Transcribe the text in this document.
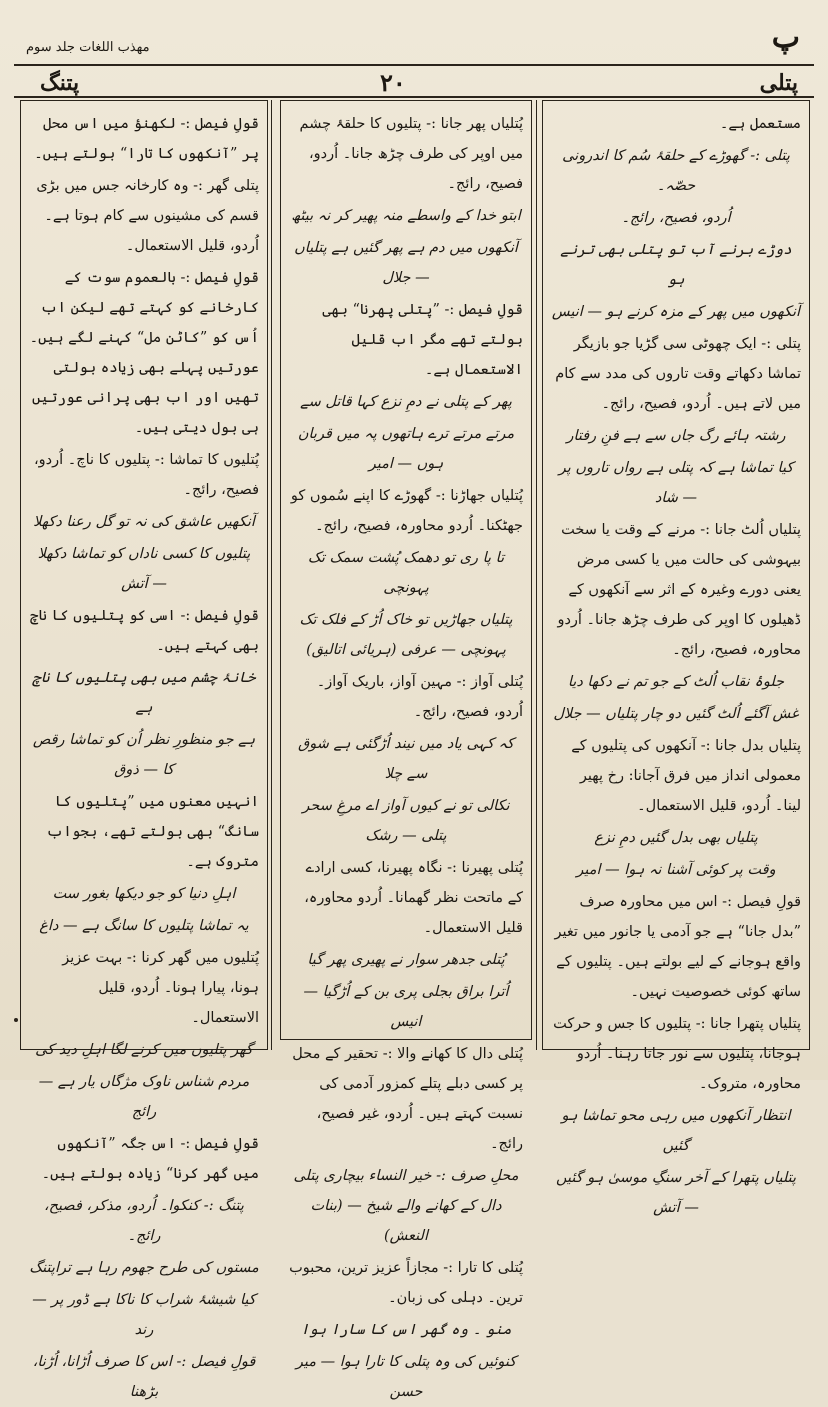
مهذب اللغات جلد سوم	پ
پتنگ	۲۰	پتلی

مستعمل ہے۔

پتلی :- گھوڑے کے حلقۂ سُم کا اندرونی حصّہ۔

اُردو، فصیح، رائج۔

دوڑے برنے آب تو پتلی بھی ترنے ہو

آنکھوں میں پھر کے مزہ کرنے ہو — انیس

پتلی :- ایک چھوٹی سی گڑیا جو بازیگر تماشا دکھاتے وقت تاروں کی مدد سے کام میں لاتے ہیں۔ اُردو، فصیح، رائج۔

رشتہ ہائے رگ جاں سے ہے فنِ رفتار

کیا تماشا ہے کہ پتلی ہے رواں تاروں پر — شاد

پتلیاں اُلٹ جانا :- مرنے کے وقت یا سخت بیہوشی کی حالت میں یا کسی مرض یعنی دورے وغیرہ کے اثر سے آنکھوں کے ڈھیلوں کا اوپر کی طرف چڑھ جانا۔ اُردو محاورہ، فصیح، رائج۔

جلوۂ نقاب اُلٹ کے جو تم نے دکھا دیا

غش آگئے اُلٹ گئیں دو چار پتلیاں — جلال

پتلیاں بدل جانا :- آنکھوں کی پتلیوں کے معمولی انداز میں فرق آجانا: رخ پھیر لینا۔ اُردو، قلیل الاستعمال۔

پتلیاں بھی بدل گئیں دمِ نزع

وقت پر کوئی آشنا نہ ہوا — امیر

قولِ فیصل :- اس میں محاورہ صرف ”بدل جانا“ ہے جو آدمی یا جانور میں تغیر واقع ہوجانے کے لیے بولتے ہیں۔ پتلیوں کے ساتھ کوئی خصوصیت نہیں۔

پتلیاں پتھرا جانا :- پتلیوں کا جس و حرکت ہوجانا، پتلیوں سے نور جاتا رہنا۔ اُردو محاورہ، متروک۔

انتظار آنکھوں میں رہی محو تماشا ہو گئیں

پتلیاں پتھرا کے آخر سنگِ موسیٰ ہو گئیں — آتش

پُتلیاں پھر جانا :- پتلیوں کا حلقۂ چشم میں اوپر کی طرف چڑھ جانا۔ اُردو، فصیح، رائج۔

ابتو خدا کے واسطے منہ پھیر کر نہ بیٹھ

آنکھوں میں دم ہے پھر گئیں ہے پتلیاں — جلال

قولِ فیصل :- ”پتلی پھرنا“ بھی بولتے تھے مگر اب قلیل الاستعمال ہے۔

پھر کے پتلی نے دمِ نزع کہا قاتل سے

مرتے مرتے ترے ہاتھوں پہ میں قربان ہوں — امیر

پُتلیاں جھاڑنا :- گھوڑے کا اپنے سُموں کو جھٹکنا۔ اُردو محاورہ، فصیح، رائج۔

تا پا ری تو دھمک پُشت سمک تک پہونچی

پتلیاں جھاڑیں تو خاک اُڑ کے فلک تک پہونچی — عرفی (ہریائی اتالیق)

پُتلی آواز :- مہین آواز، باریک آواز۔ اُردو، فصیح، رائج۔

کہ کہی یاد میں نیند اُڑگئی ہے شوق سے چلا

نکالی تو نے کیوں آواز اے مرغِ سحر پتلی — رشک

پُتلی پھیرنا :- نگاہ پھیرنا، کسی ارادے کے ماتحت نظر گھمانا۔ اُردو محاورہ، قلیل الاستعمال۔

پُتلی جدھر سوار نے پھیری پھر گیا

اُترا براق بجلی پری بن کے اُڑگیا — انیس

پُتلی دال کا کھانے والا :- تحقیر کے محل پر کسی دبلے پتلے کمزور آدمی کی نسبت کہتے ہیں۔ اُردو، غیر فصیح، رائج۔

محلِ صرف :- خیر النساء بیچاری پتلی دال کے کھانے والے شیخ — (بنات النعش)

پُتلی کا تارا :- مجازاً عزیز ترین، محبوب ترین۔ دہلی کی زبان۔

منو ۔ وہ گھر اس کا سارا ہوا

کنوئیں کی وہ پتلی کا تارا ہوا — میر حسن

قولِ فیصل :- لکھنؤ میں اس محل پر ”آنکھوں کا تارا“ بولتے ہیں۔

پتلی گھر :- وہ کارخانہ جس میں بڑی قسم کی مشینوں سے کام ہوتا ہے۔ اُردو، قلیل الاستعمال۔

قولِ فیصل :- بالعموم سوت کے کارخانے کو کہتے تھے لیکن اب اُس کو ”کاٹن مل“ کہنے لگے ہیں۔ عورتیں پہلے بھی زیادہ بولتی تھیں اور اب بھی پرانی عورتیں ہی بول دیتی ہیں۔

پُتلیوں کا تماشا :- پتلیوں کا ناچ۔ اُردو، فصیح، رائج۔

آنکھیں عاشق کی نہ تو گل رعنا دکھلا

پتلیوں کا کسی ناداں کو تماشا دکھلا — آتش

قولِ فیصل :- اسی کو پتلیوں کا ناچ بھی کہتے ہیں۔

خانۂ چشم میں بھی پتلیوں کا ناچ ہے

ہے جو منظورِ نظر اُن کو تماشا رقص کا — ذوق

انہیں معنوں میں ”پتلیوں کا سانگ“ بھی بولتے تھے، بجواب متروک ہے۔

اہلِ دنیا کو جو دیکھا بغور ست

یہ تماشا پتلیوں کا سانگ ہے — داغ

پُتلیوں میں گھر کرنا :- بہت عزیز ہونا، پیارا ہونا۔ اُردو، قلیل الاستعمال۔

گھر پتلیوں میں کرنے لگا اہلِ دید کی

مردم شناس ناوک مژگاں یار ہے — رائج

قولِ فیصل :- اس جگہ ”آنکھوں میں گھر کرنا“ زیادہ بولتے ہیں۔

پتنگ :- کنکوا۔ اُردو، مذکر، فصیح، رائج۔

مستوں کی طرح جھوم رہا ہے تراپتنگ

کیا شیشۂ شراب کا ناکا ہے ڈور پر — رند

قولِ فیصل :- اس کا صرف اُڑانا، اُڑنا، بڑھنا
